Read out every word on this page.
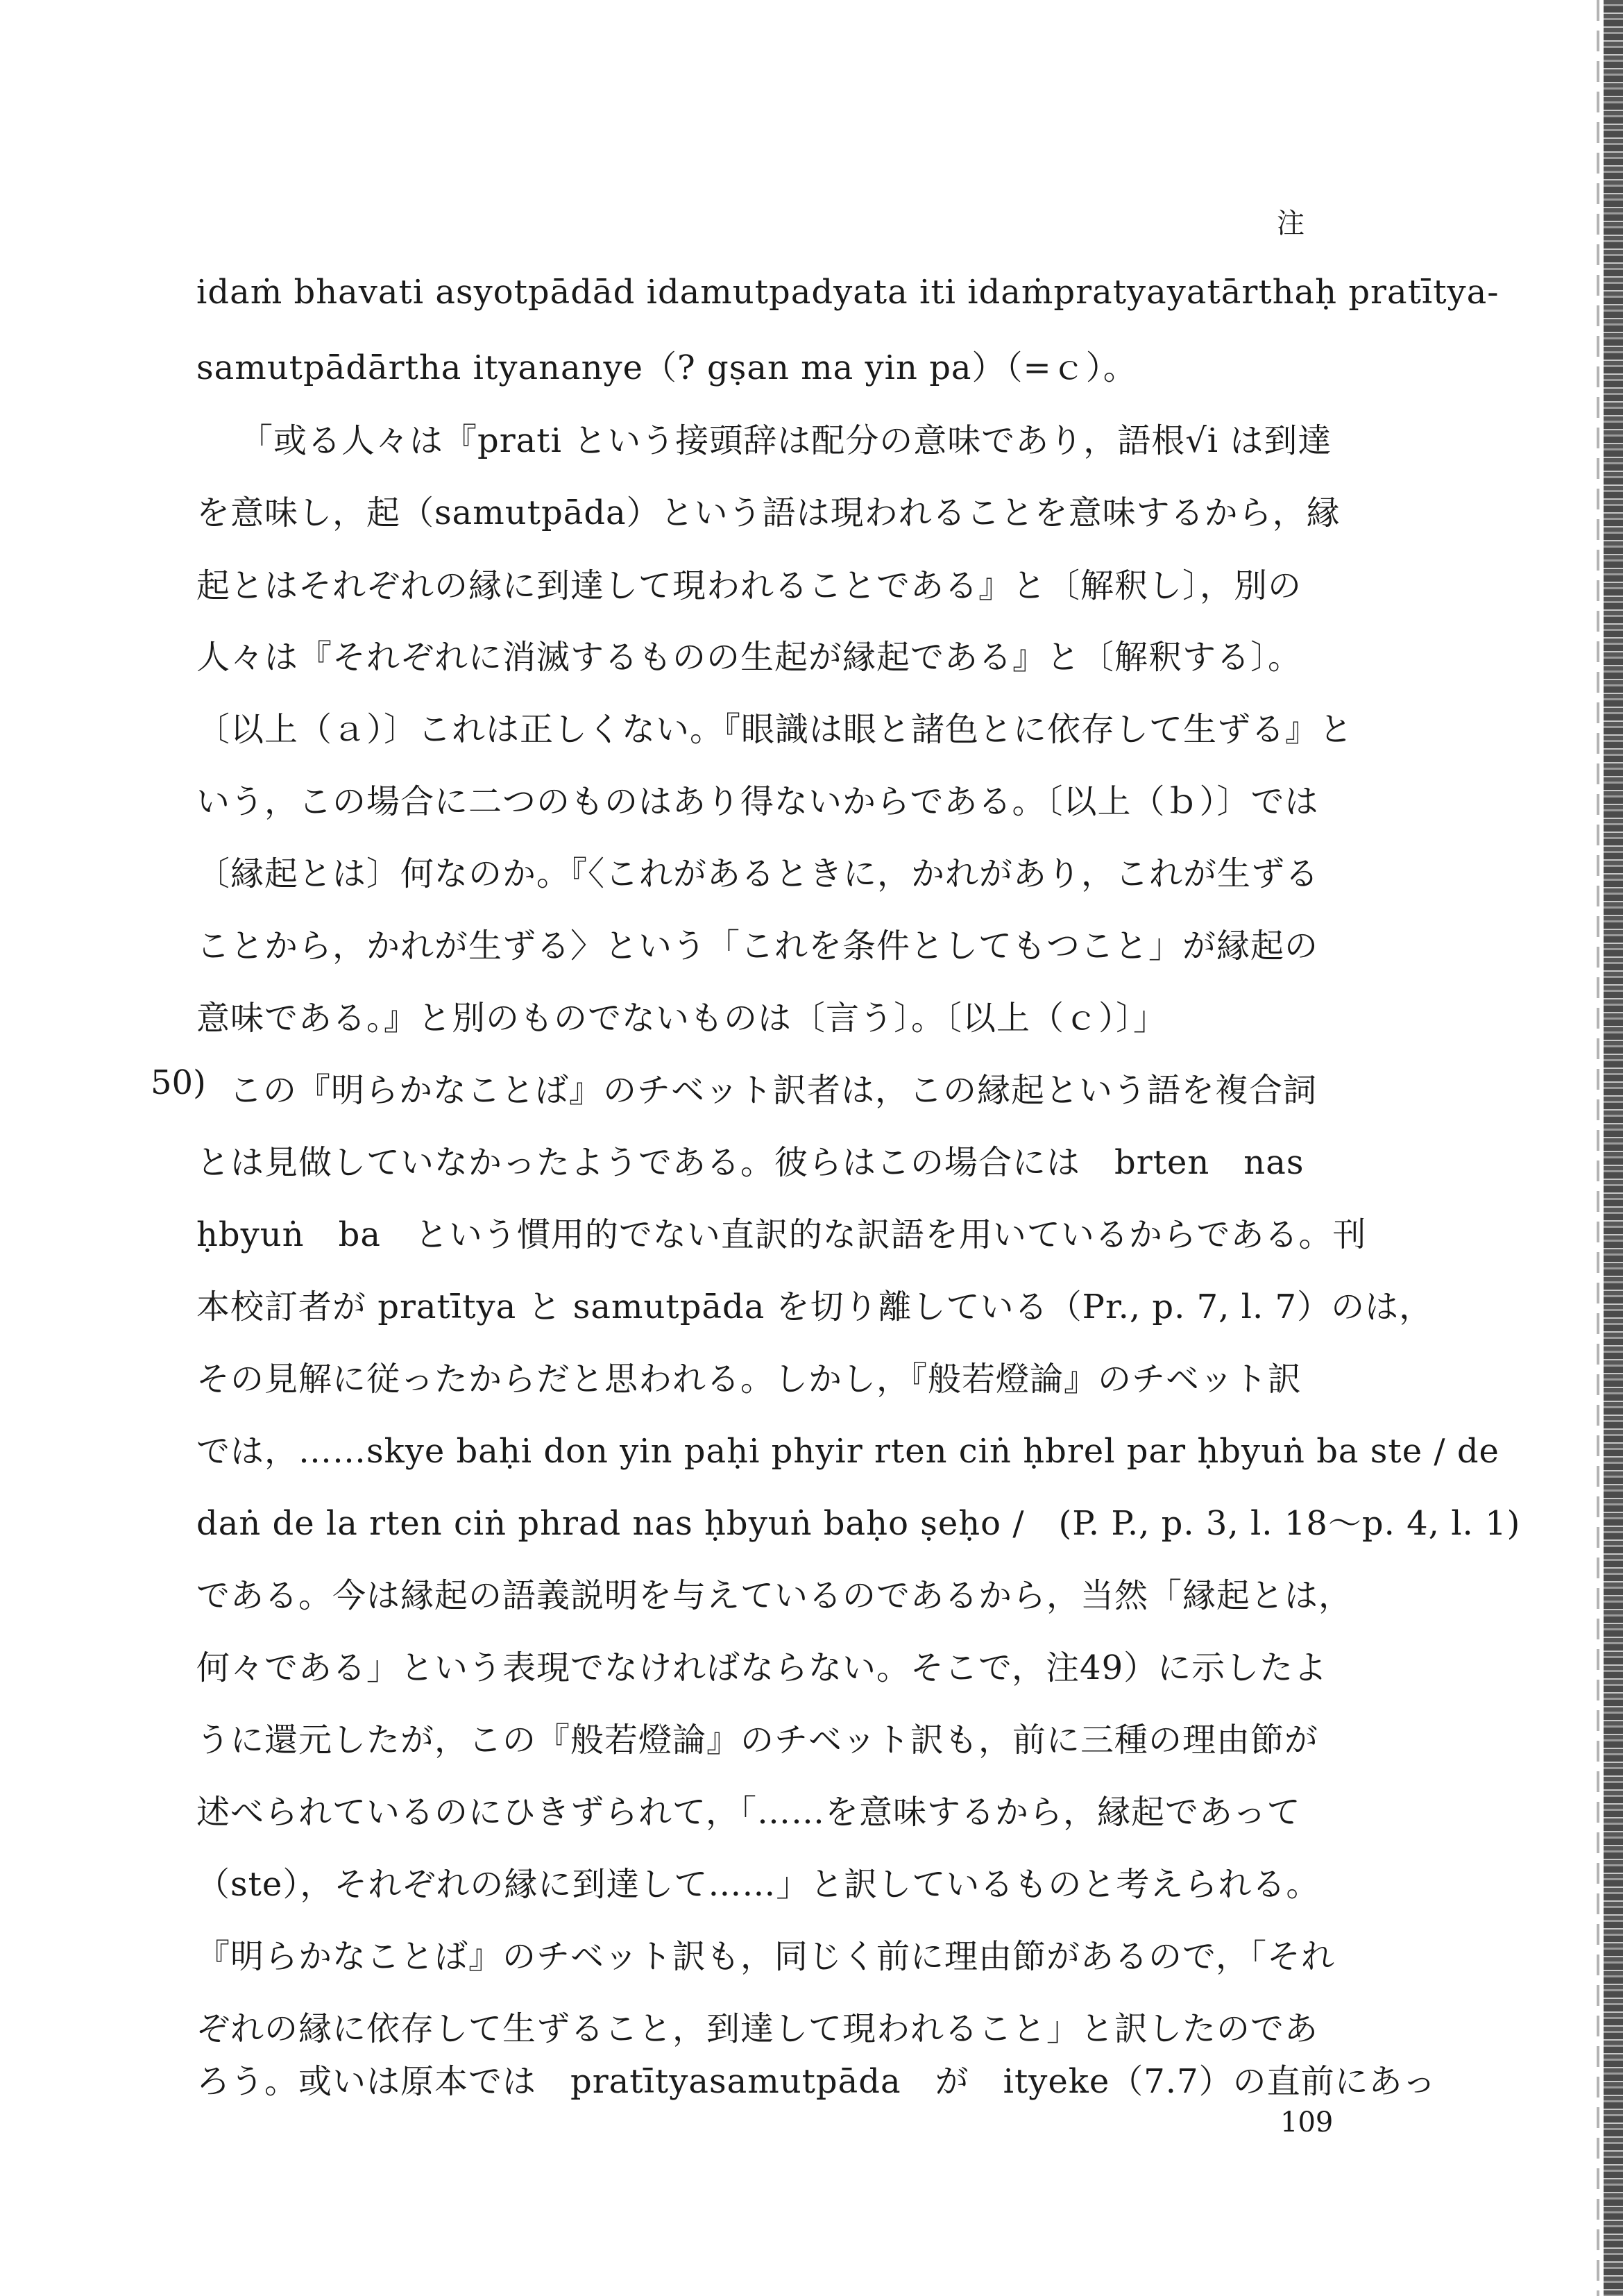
注
idaṁ bhavati asyotpādād idamutpadyata iti idaṁpratyayatārthaḥ pratītya-
samutpādārtha ityananye（? gṣan ma yin pa）（=ｃ）。
「或る人々は『prati という接頭辞は配分の意味であり，語根√i は到達
を意味し，起（samutpāda）という語は現われることを意味するから，縁
起とはそれぞれの縁に到達して現われることである』と〔解釈し〕，別の
人々は『それぞれに消滅するものの生起が縁起である』と〔解釈する〕。
〔以上（ａ）〕これは正しくない。『眼識は眼と諸色とに依存して生ずる』と
いう，この場合に二つのものはあり得ないからである。〔以上（ｂ）〕では
〔縁起とは〕何なのか。『〈これがあるときに，かれがあり，これが生ずる
ことから，かれが生ずる〉という「これを条件としてもつこと」が縁起の
意味である。』と別のものでないものは〔言う〕。〔以上（ｃ）〕」
50) この『明らかなことば』のチベット訳者は，この縁起という語を複合詞
とは見做していなかったようである。彼らはこの場合には　brten　nas
ḥbyuṅ　ba　という慣用的でない直訳的な訳語を用いているからである。刊
本校訂者が pratītya と samutpāda を切り離している（Pr., p. 7, l. 7）のは，
その見解に従ったからだと思われる。しかし，『般若燈論』のチベット訳
では，……skye baḥi don yin paḥi phyir rten ciṅ ḥbrel par ḥbyuṅ ba ste / de
daṅ de la rten ciṅ phrad nas ḥbyuṅ baḥo ṣeḥo /　(P. P., p. 3, l. 18～p. 4, l. 1)
である。今は縁起の語義説明を与えているのであるから，当然「縁起とは，
何々である」という表現でなければならない。そこで，注49）に示したよ
うに還元したが，この『般若燈論』のチベット訳も，前に三種の理由節が
述べられているのにひきずられて，「……を意味するから，縁起であって
（ste），それぞれの縁に到達して……」と訳しているものと考えられる。
『明らかなことば』のチベット訳も，同じく前に理由節があるので，「それ
ぞれの縁に依存して生ずること，到達して現われること」と訳したのであ
ろう。或いは原本では　pratītyasamutpāda　が　ityeke（7.7）の直前にあっ
109
